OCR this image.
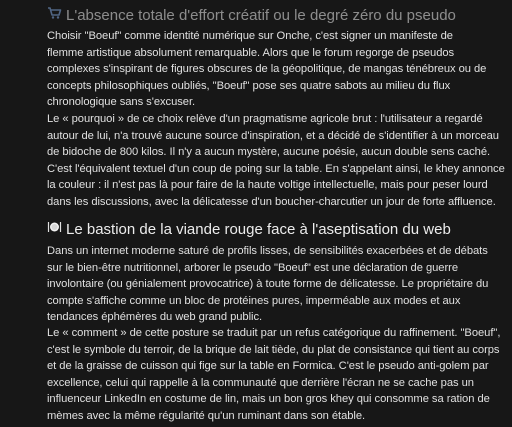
L'absence totale d'effort créatif ou le degré zéro du pseudo

Choisir "Boeuf" comme identité numérique sur Onche, c'est signer un manifeste de flemme artistique absolument remarquable. Alors que le forum regorge de pseudos complexes s'inspirant de figures obscures de la géopolitique, de mangas ténébreux ou de concepts philosophiques oubliés, "Boeuf" pose ses quatre sabots au milieu du flux chronologique sans s'excuser.

Le « pourquoi » de ce choix relève d'un pragmatisme agricole brut : l'utilisateur a regardé autour de lui, n'a trouvé aucune source d'inspiration, et a décidé de s'identifier à un morceau de bidoche de 800 kilos. Il n'y a aucun mystère, aucune poésie, aucun double sens caché. C'est l'équivalent textuel d'un coup de poing sur la table. En s'appelant ainsi, le khey annonce la couleur : il n'est pas là pour faire de la haute voltige intellectuelle, mais pour peser lourd dans les discussions, avec la délicatesse d'un boucher-charcutier un jour de forte affluence.

Le bastion de la viande rouge face à l'aseptisation du web

Dans un internet moderne saturé de profils lisses, de sensibilités exacerbées et de débats sur le bien-être nutritionnel, arborer le pseudo "Boeuf" est une déclaration de guerre involontaire (ou génialement provocatrice) à toute forme de délicatesse. Le propriétaire du compte s'affiche comme un bloc de protéines pures, imperméable aux modes et aux tendances éphémères du web grand public.

Le « comment » de cette posture se traduit par un refus catégorique du raffinement. "Boeuf", c'est le symbole du terroir, de la brique de lait tiède, du plat de consistance qui tient au corps et de la graisse de cuisson qui fige sur la table en Formica. C'est le pseudo anti-golem par excellence, celui qui rappelle à la communauté que derrière l'écran ne se cache pas un influenceur LinkedIn en costume de lin, mais un bon gros khey qui consomme sa ration de mèmes avec la même régularité qu'un ruminant dans son étable.
